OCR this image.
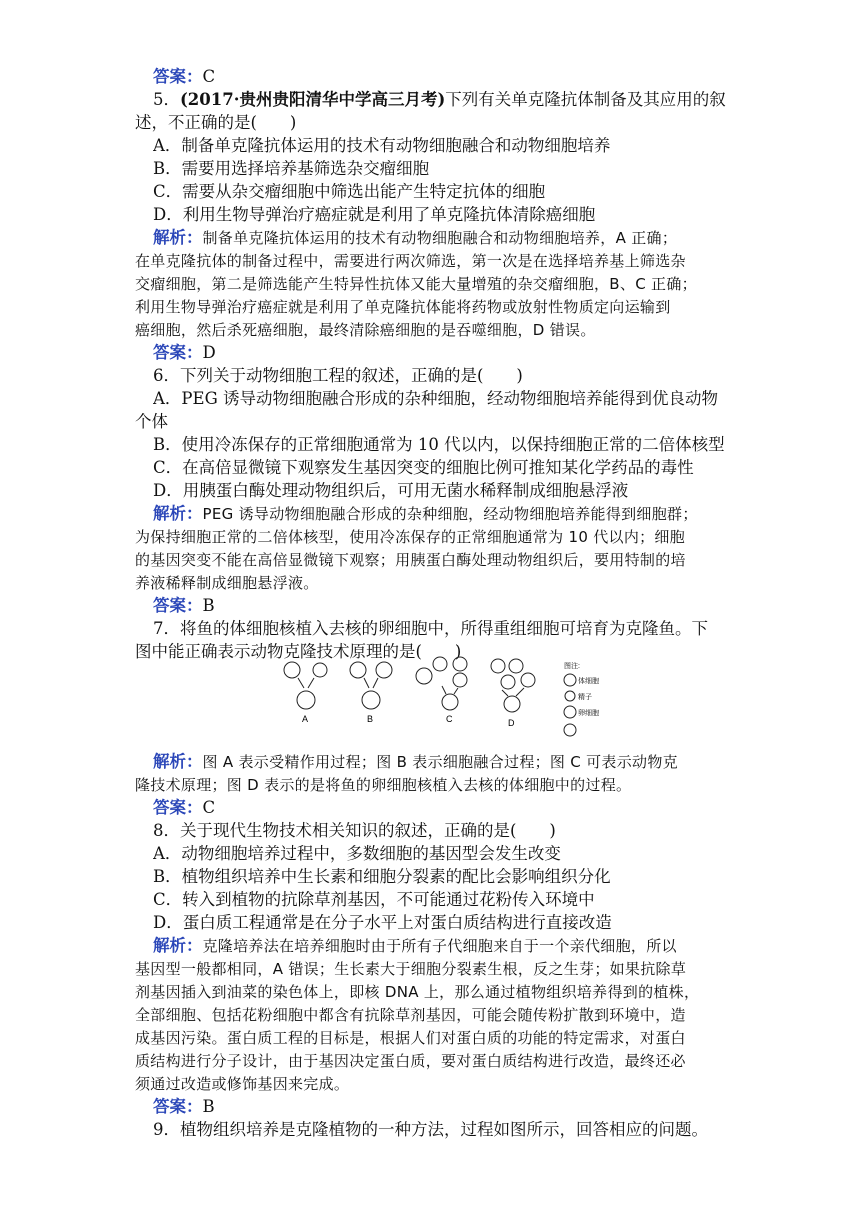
答案：C
5．(2017·贵州贵阳清华中学高三月考)下列有关单克隆抗体制备及其应用的叙
述，不正确的是(　　)
A．制备单克隆抗体运用的技术有动物细胞融合和动物细胞培养
B．需要用选择培养基筛选杂交瘤细胞
C．需要从杂交瘤细胞中筛选出能产生特定抗体的细胞
D．利用生物导弹治疗癌症就是利用了单克隆抗体清除癌细胞
解析：制备单克隆抗体运用的技术有动物细胞融合和动物细胞培养，A 正确；
在单克隆抗体的制备过程中，需要进行两次筛选，第一次是在选择培养基上筛选杂
交瘤细胞，第二是筛选能产生特异性抗体又能大量增殖的杂交瘤细胞，B、C 正确；
利用生物导弹治疗癌症就是利用了单克隆抗体能将药物或放射性物质定向运输到
癌细胞，然后杀死癌细胞，最终清除癌细胞的是吞噬细胞，D 错误。
答案：D
6．下列关于动物细胞工程的叙述，正确的是(　　)
A．PEG 诱导动物细胞融合形成的杂种细胞，经动物细胞培养能得到优良动物
个体
B．使用冷冻保存的正常细胞通常为 10 代以内，以保持细胞正常的二倍体核型
C．在高倍显微镜下观察发生基因突变的细胞比例可推知某化学药品的毒性
D．用胰蛋白酶处理动物组织后，可用无菌水稀释制成细胞悬浮液
解析：PEG 诱导动物细胞融合形成的杂种细胞，经动物细胞培养能得到细胞群；
为保持细胞正常的二倍体核型，使用冷冻保存的正常细胞通常为 10 代以内；细胞
的基因突变不能在高倍显微镜下观察；用胰蛋白酶处理动物组织后，要用特制的培
养液稀释制成细胞悬浮液。
答案：B
7．将鱼的体细胞核植入去核的卵细胞中，所得重组细胞可培育为克隆鱼。下
图中能正确表示动物克隆技术原理的是(　　)
解析：图 A 表示受精作用过程；图 B 表示细胞融合过程；图 C 可表示动物克
隆技术原理；图 D 表示的是将鱼的卵细胞核植入去核的体细胞中的过程。
答案：C
8．关于现代生物技术相关知识的叙述，正确的是(　　)
A．动物细胞培养过程中，多数细胞的基因型会发生改变
B．植物组织培养中生长素和细胞分裂素的配比会影响组织分化
C．转入到植物的抗除草剂基因，不可能通过花粉传入环境中
D．蛋白质工程通常是在分子水平上对蛋白质结构进行直接改造
解析：克隆培养法在培养细胞时由于所有子代细胞来自于一个亲代细胞，所以
基因型一般都相同，A 错误；生长素大于细胞分裂素生根，反之生芽；如果抗除草
剂基因插入到油菜的染色体上，即核 DNA 上，那么通过植物组织培养得到的植株，
全部细胞、包括花粉细胞中都含有抗除草剂基因，可能会随传粉扩散到环境中，造
成基因污染。蛋白质工程的目标是，根据人们对蛋白质的功能的特定需求，对蛋白
质结构进行分子设计，由于基因决定蛋白质，要对蛋白质结构进行改造，最终还必
须通过改造或修饰基因来完成。
答案：B
9．植物组织培养是克隆植物的一种方法，过程如图所示，回答相应的问题。
A	B	C	D
图注:
体细胞
精子
卵细胞
